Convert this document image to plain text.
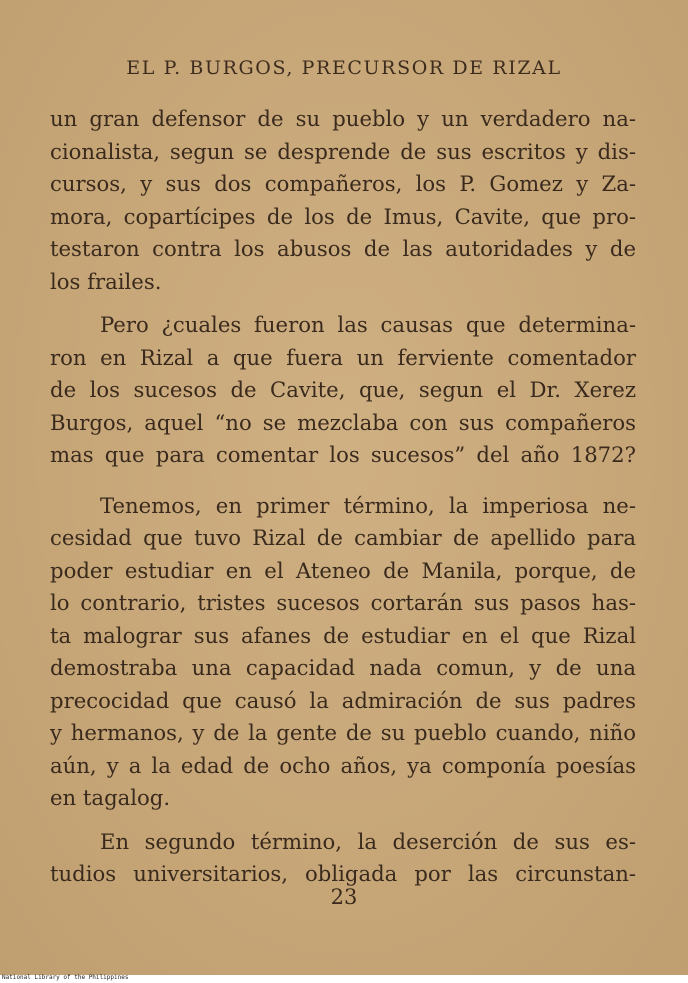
EL P. BURGOS, PRECURSOR DE RIZAL
un gran defensor de su pueblo y un verdadero na-
cionalista, segun se desprende de sus escritos y dis-
cursos, y sus dos compañeros, los P. Gomez y Za-
mora, copartícipes de los de Imus, Cavite, que pro-
testaron contra los abusos de las autoridades y de
los frailes.
Pero ¿cuales fueron las causas que determina-
ron en Rizal a que fuera un ferviente comentador
de los sucesos de Cavite, que, segun el Dr. Xerez
Burgos, aquel “no se mezclaba con sus compañeros
mas que para comentar los sucesos” del año 1872?
Tenemos, en primer término, la imperiosa ne-
cesidad que tuvo Rizal de cambiar de apellido para
poder estudiar en el Ateneo de Manila, porque, de
lo contrario, tristes sucesos cortarán sus pasos has-
ta malograr sus afanes de estudiar en el que Rizal
demostraba una capacidad nada comun, y de una
precocidad que causó la admiración de sus padres
y hermanos, y de la gente de su pueblo cuando, niño
aún, y a la edad de ocho años, ya componía poesías
en tagalog.
En segundo término, la deserción de sus es-
tudios universitarios, obligada por las circunstan-
23
National Library of the Philippines
